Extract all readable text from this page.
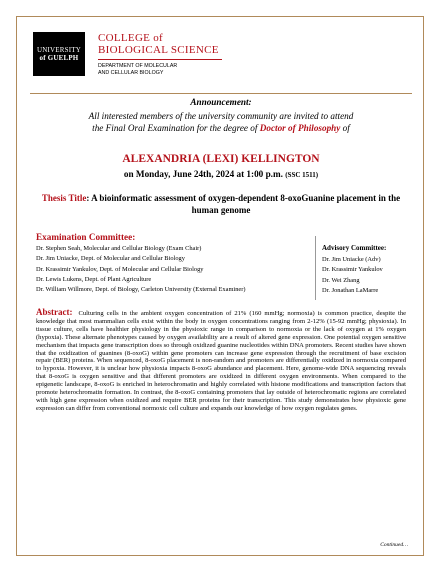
UNIVERSITY
of GUELPH
COLLEGE of
BIOLOGICAL SCIENCE
DEPARTMENT OF MOLECULAR
AND CELLULAR BIOLOGY
Announcement:
All interested members of the university community are invited to attend
the Final Oral Examination for the degree of Doctor of Philosophy of
ALEXANDRIA (LEXI) KELLINGTON
on Monday, June 24th, 2024 at 1:00 p.m. (SSC 1511)
Thesis Title: A bioinformatic assessment of oxygen-dependent 8-oxoGuanine placement in the human genome
Examination Committee:
Dr. Stephen Seah, Molecular and Cellular Biology (Exam Chair)
Dr. Jim Uniacke, Dept. of Molecular and Cellular Biology
Dr. Krassimir Yankulov, Dept. of Molecular and Cellular Biology
Dr. Lewis Lukens, Dept. of Plant Agriculture
Dr. William Willmore, Dept. of Biology, Carleton University (External Examiner)
Advisory Committee:
Dr. Jim Uniacke (Adv)
Dr. Krassimir Yankulov
Dr. Wei Zhang
Dr. Jonathan LaMarre
Abstract: Culturing cells in the ambient oxygen concentration of 21% (160 mmHg; normoxia) is common practice, despite the knowledge that most mammalian cells exist within the body in oxygen concentrations ranging from 2-12% (15-92 mmHg; physioxia). In tissue culture, cells have healthier physiology in the physioxic range in comparison to normoxia or the lack of oxygen at 1% oxygen (hypoxia). These alternate phenotypes caused by oxygen availability are a result of altered gene expression. One potential oxygen sensitive mechanism that impacts gene transcription does so through oxidized guanine nucleotides within DNA promoters. Recent studies have shown that the oxidization of guanines (8-oxoG) within gene promoters can increase gene expression through the recruitment of base excision repair (BER) proteins. When sequenced, 8-oxoG placement is non-random and promoters are differentially oxidized in normoxia compared to hypoxia. However, it is unclear how physioxia impacts 8-oxoG abundance and placement. Here, genome-wide DNA sequencing reveals that 8-oxoG is oxygen sensitive and that different promoters are oxidized in different oxygen environments. When compared to the epigenetic landscape, 8-oxoG is enriched in heterochromatin and highly correlated with histone modifications and transcription factors that promote heterochromatin formation. In contrast, the 8-oxoG containing promoters that lay outside of heterochromatic regions are correlated with high gene expression when oxidized and require BER proteins for their transcription. This study demonstrates how physioxic gene expression can differ from conventional normoxic cell culture and expands our knowledge of how oxygen regulates genes.
Continued…
